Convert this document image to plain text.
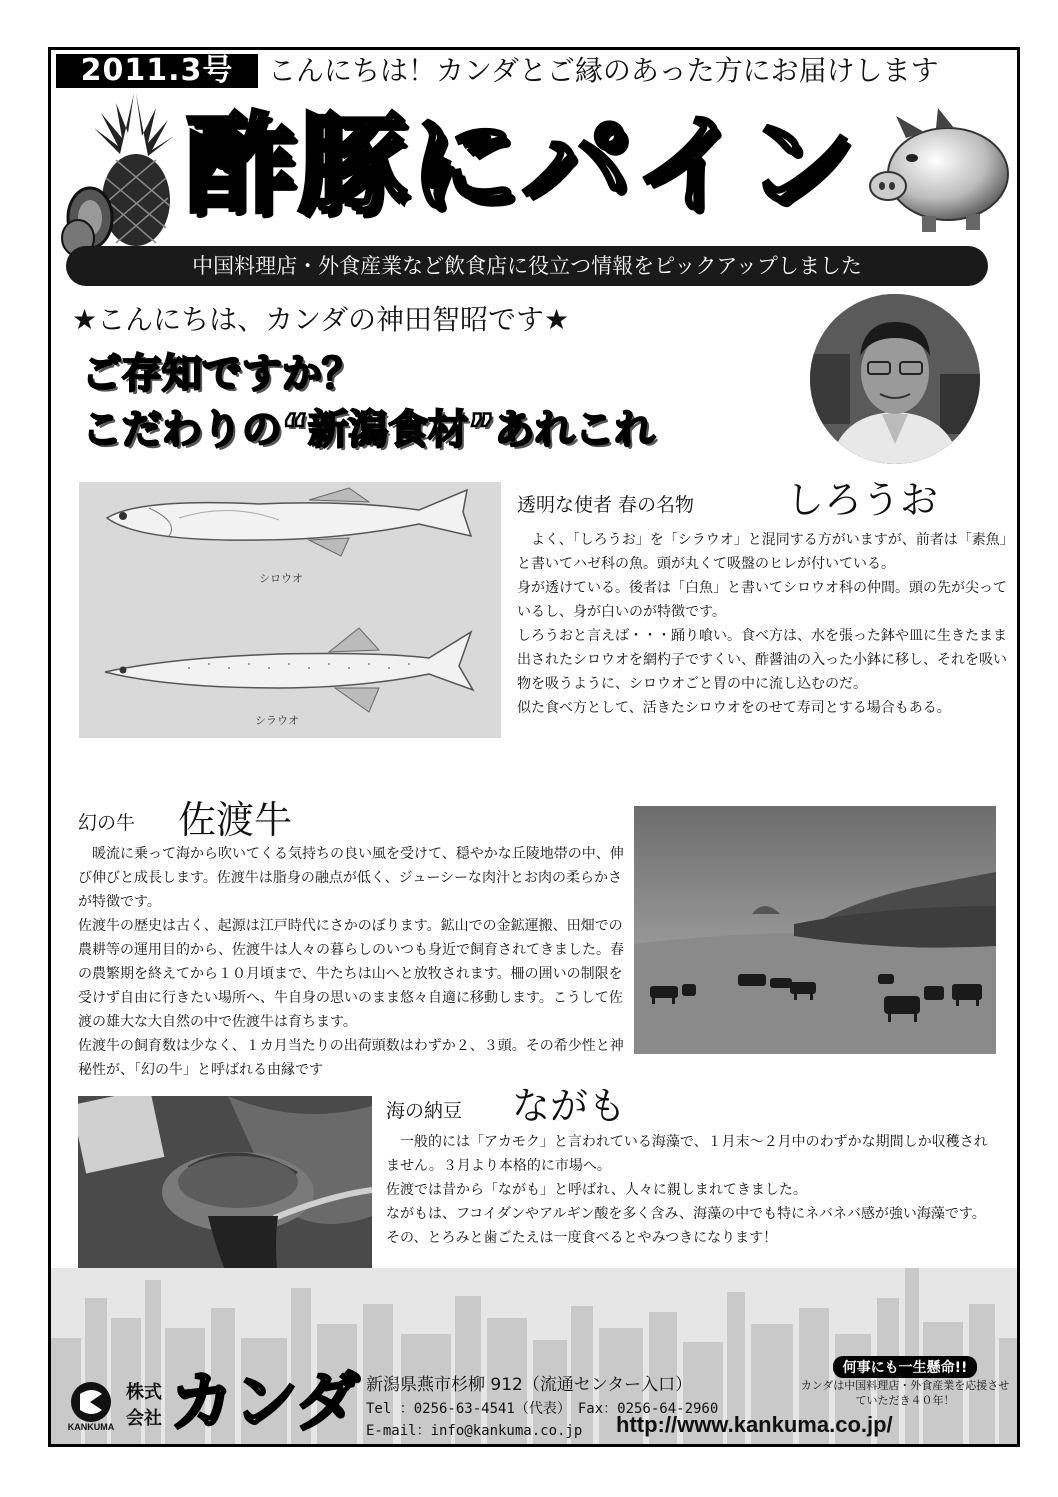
2011.3号	こんにちは！カンダとご縁のあった方にお届けします
酢豚にパイン
中国料理店・外食産業など飲食店に役立つ情報をピックアップしました
★こんにちは、カンダの神田智昭です★
ご存知ですか？
こだわりの“新潟食材”あれこれ
シロウオ
シラウオ
透明な使者 春の名物 しろうお

　よく、「しろうお」を「シラウオ」と混同する方がいますが、前者は「素魚」と書いてハゼ科の魚。頭が丸くて吸盤のヒレが付いている。

身が透けている。後者は「白魚」と書いてシロウオ科の仲間。頭の先が尖っているし、身が白いのが特徴です。

しろうおと言えば・・・踊り喰い。食べ方は、水を張った鉢や皿に生きたまま出されたシロウオを網杓子ですくい、酢醤油の入った小鉢に移し、それを吸い物を吸うように、シロウオごと胃の中に流し込むのだ。

似た食べ方として、活きたシロウオをのせて寿司とする場合もある。

幻の牛 佐渡牛

　暖流に乗って海から吹いてくる気持ちの良い風を受けて、穏やかな丘陵地帯の中、伸び伸びと成長します。佐渡牛は脂身の融点が低く、ジューシーな肉汁とお肉の柔らかさが特徴です。

佐渡牛の歴史は古く、起源は江戸時代にさかのぼります。鉱山での金鉱運搬、田畑での農耕等の運用目的から、佐渡牛は人々の暮らしのいつも身近で飼育されてきました。春の農繁期を終えてから１０月頃まで、牛たちは山へと放牧されます。柵の囲いの制限を受けず自由に行きたい場所へ、牛自身の思いのまま悠々自適に移動します。こうして佐渡の雄大な大自然の中で佐渡牛は育ちます。

佐渡牛の飼育数は少なく、１カ月当たりの出荷頭数はわずか２、３頭。その希少性と神秘性が、「幻の牛」と呼ばれる由縁です

海の納豆 ながも

　一般的には「アカモク」と言われている海藻で、１月末～２月中のわずかな期間しか収穫されません。３月より本格的に市場へ。

佐渡では昔から「ながも」と呼ばれ、人々に親しまれてきました。

ながもは、フコイダンやアルギン酸を多く含み、海藻の中でも特にネバネバ感が強い海藻です。

その、とろみと歯ごたえは一度食べるとやみつきになります！

KANKUMA
株式
会社 カンダ 新潟県燕市杉柳 912（流通センター入口）
Tel ：0256-63-4541（代表）　Fax：0256-64-2960
E-mail：info@kankuma.co.jp http://www.kankuma.co.jp/
何事にも一生懸命!!
カンダは中国料理店・外食産業を応援させていただき４０年！
